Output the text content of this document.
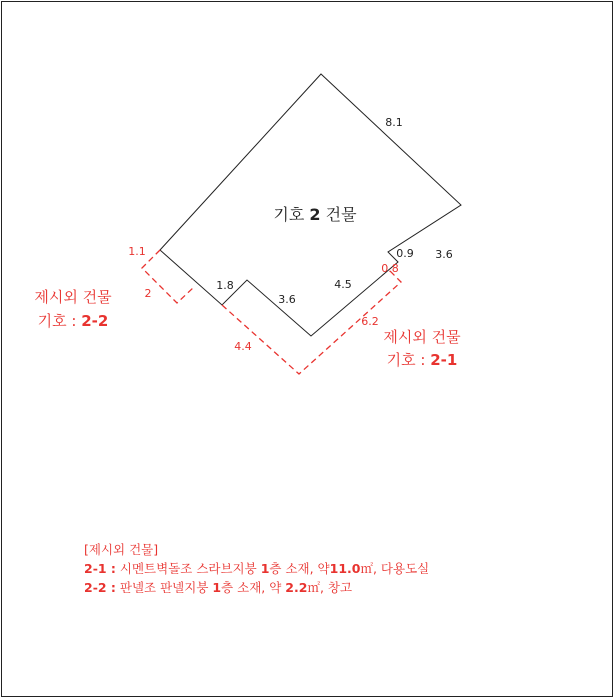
기호 2 건물
8.1
3.6
0.9
4.5
3.6
1.8
1.1
2
0.8
6.2
4.4
제시외 건물
기호 : 2-2
제시외 건물
기호 : 2-1
[제시외 건물]
2-1 : 시멘트벽돌조 스라브지붕 1층 소재, 약11.0㎡, 다용도실
2-2 : 판넬조 판넬지붕 1층 소재, 약 2.2㎡, 창고
